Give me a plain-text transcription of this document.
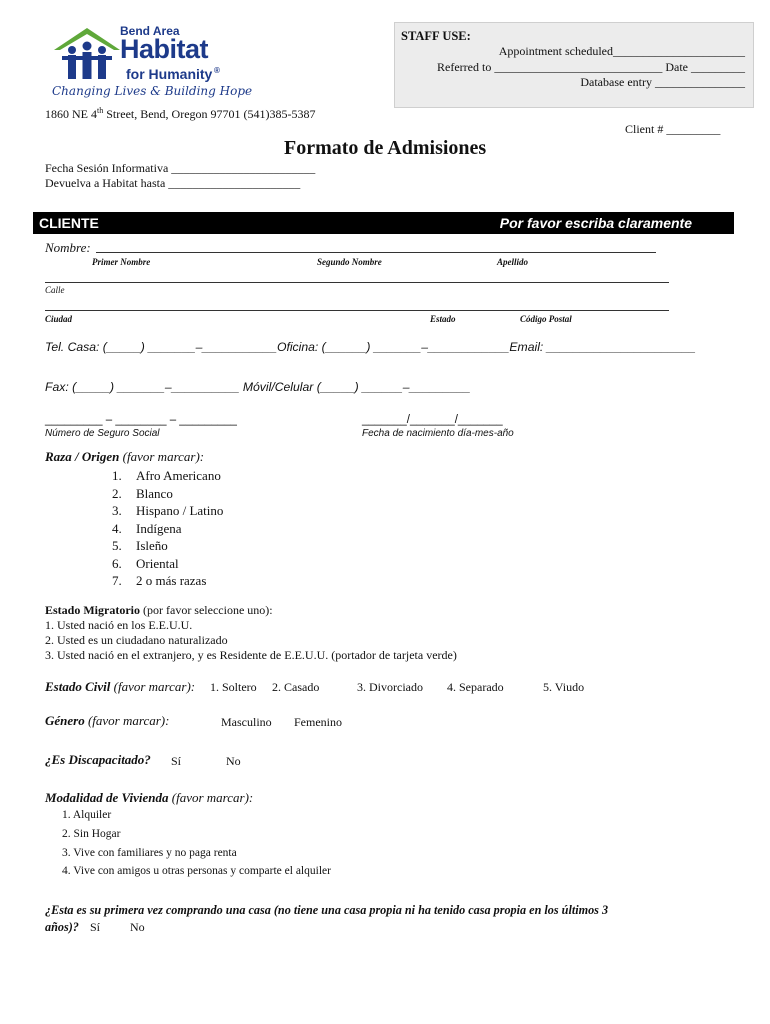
Bend Area
Habitat
for Humanity ®
Changing Lives & Building Hope
STAFF USE:
Appointment scheduled______________________
Referred to ____________________________ Date _________
Database entry _______________
1860 NE 4th Street, Bend, Oregon 97701 (541)385-5387
Client # _________
Formato de Admisiones
Fecha Sesión Informativa ________________________
Devuelva a Habitat hasta ______________________
CLIENTE	Por favor escriba claramente
Nombre:
Primer Nombre	Segundo Nombre	Apellido
Calle
Ciudad	Estado	Código Postal
Tel. Casa: (_____) _______–___________Oficina: (______) _______–____________Email: ______________________
Fax: (_____) _______–__________ Móvil/Celular (_____) ______–_________
_________ – ________ – _________
Número de Seguro Social
_______/_______/_______
Fecha de nacimiento día-mes-año
Raza / Origen (favor marcar):
1. Afro Americano
2. Blanco
3. Hispano / Latino
4. Indígena
5. Isleño
6. Oriental
7. 2 o más razas
Estado Migratorio (por favor seleccione uno):
1. Usted nació en los E.E.U.U.
2. Usted es un ciudadano naturalizado
3. Usted nació en el extranjero, y es Residente de E.E.U.U. (portador de tarjeta verde)
Estado Civil (favor marcar): 1. Soltero 2. Casado	3. Divorciado 4. Separado	5. Viudo
Género (favor marcar):	Masculino Femenino
¿Es Discapacitado? Sí	No
Modalidad de Vivienda (favor marcar):
1. Alquiler
2. Sin Hogar
3. Vive con familiares y no paga renta
4. Vive con amigos u otras personas y comparte el alquiler
¿Esta es su primera vez comprando una casa (no tiene una casa propia ni ha tenido casa propia en los últimos 3
años)? Sí No
